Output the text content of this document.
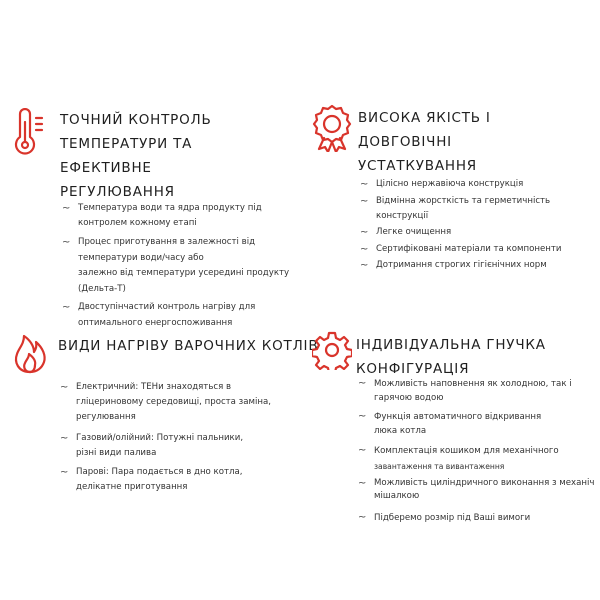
ТОЧНИЙ КОНТРОЛЬ
ТЕМПЕРАТУРИ ТА
ЕФЕКТИВНЕ
РЕГУЛЮВАННЯ
~ Температура води та ядра продукту під
контролем кожному етапі
~ Процес приготування в залежності від
температури води/часу або
залежно від температури усередині продукту
(Дельта-Т)
~ Двоступінчастий контроль нагріву для
оптимального енергоспоживання
ВИСОКА ЯКІСТЬ І
ДОВГОВІЧНІ
УСТАТКУВАННЯ
~ Цілісно нержавіюча конструкція
~ Відмінна жорсткість та герметичність
конструкції
~ Легке очищення
~ Сертифіковані матеріали та компоненти
~ Дотримання строгих гігієнічних норм
ВИДИ НАГРІВУ ВАРОЧНИХ КОТЛІВ
~ Електричний: ТЕНи знаходяться в
гліцериновому середовищі, проста заміна,
регулювання
~ Газовий/олійний: Потужні пальники,
різні види палива
~ Паровi: Пара подається в дно котла,
делікатне приготування
ІНДИВІДУАЛЬНА ГНУЧКА
КОНФІГУРАЦІЯ
~ Можливість наповнення як холодною, так і
гарячою водою
~ Функція автоматичного відкривання
люка котла
~ Комплектація кошиком для механічного
завантаження та вивантаження
~ Можливість циліндричного виконання з механіч
мішалкою
~ Підберемо розмір під Ваші вимоги
